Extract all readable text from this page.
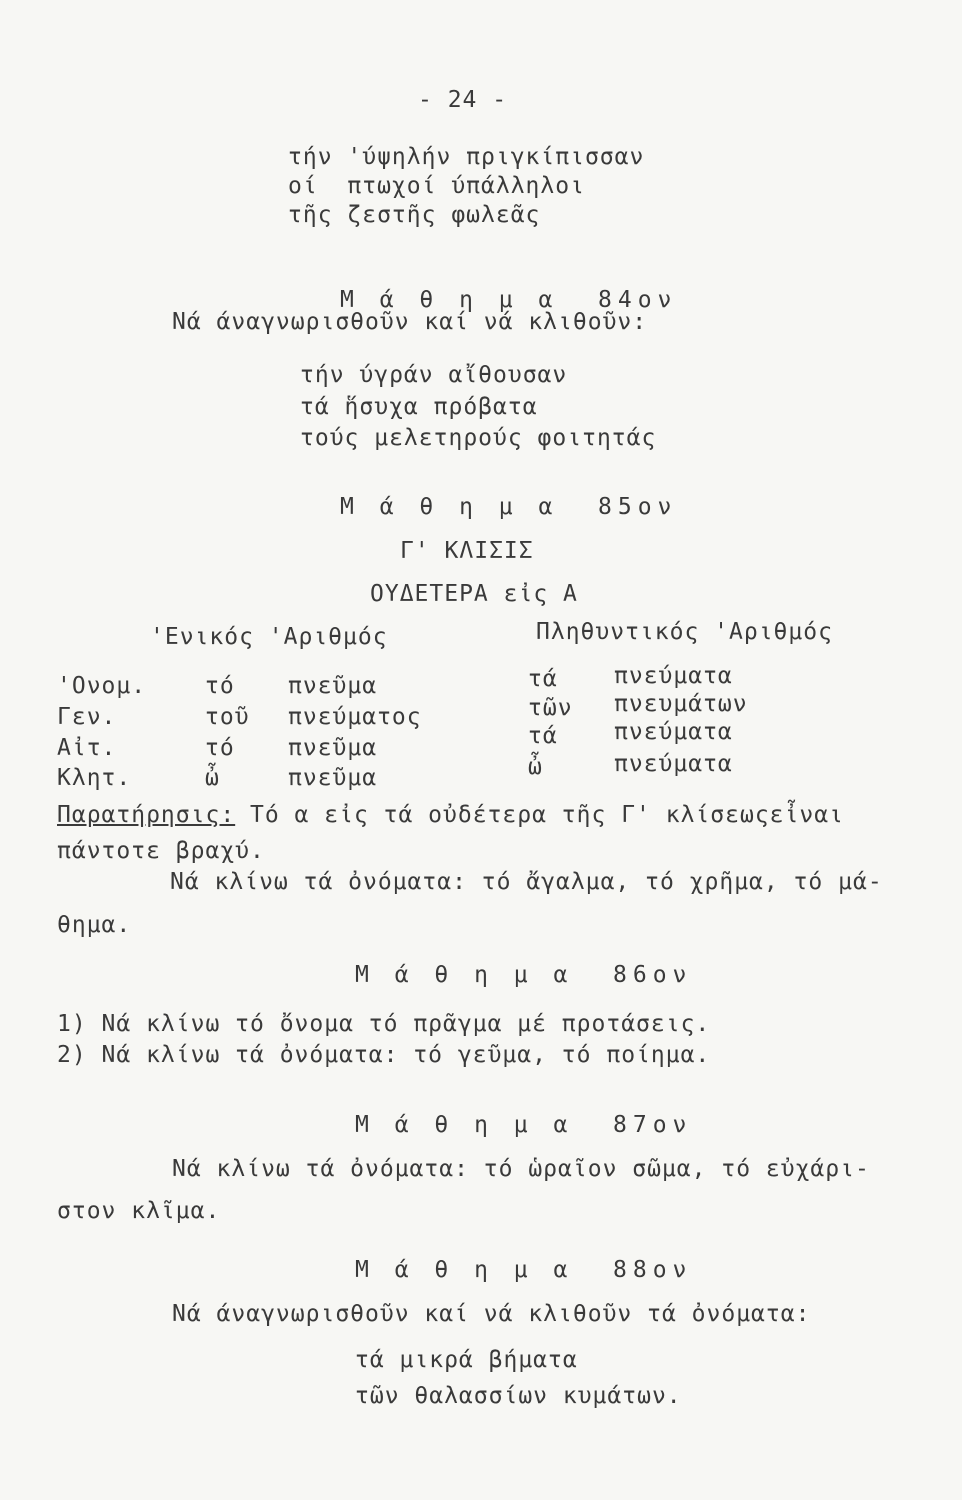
- 24 -
τήν 'ύψηλήν πριγκίπισσαν
οί  πτωχοί ύπάλληλοι
τῆς ζεστῆς φωλεᾶς
Μ ά θ η μ α  84ον
Νά άναγνωρισθοῦν καί νά κλιθοῦν:
τήν ύγράν αἴθουσαν
τά ἥσυχα πρόβατα
τούς μελετηρούς φοιτητάς
Μ ά θ η μ α  85ον
Γ' ΚΛΙΣΙΣ
ΟΥΔΕΤΕΡΑ εἰς Α
'Ενικός 'Αριθμός	Πληθυντικός 'Αριθμός
'Ονομ.	τό πνεῦμα	τά πνεύματα
Γεν.	τοῦ πνεύματος	τῶν πνευμάτων
Αἰτ.	τό πνεῦμα	τά πνεύματα
Κλητ.	ὦ	πνεῦμα	ὦ	πνεύματα
Παρατήρησις: Τό α εἰς τά οὐδέτερα τῆς Γ' κλίσεωςεἶναι
πάντοτε βραχύ.
Νά κλίνω τά ὀνόματα: τό ἄγαλμα, τό χρῆμα, τό μά-
θημα.
Μ ά θ η μ α  86ον
1) Νά κλίνω τό ὄνομα τό πρᾶγμα μέ προτάσεις.
2) Νά κλίνω τά ὀνόματα: τό γεῦμα, τό ποίημα.
Μ ά θ η μ α  87ον
Νά κλίνω τά ὀνόματα: τό ὡραῖον σῶμα, τό εὐχάρι-
στον κλῖμα.
Μ ά θ η μ α  88ον
Νά άναγνωρισθοῦν καί νά κλιθοῦν τά ὀνόματα:
τά μικρά βήματα
τῶν θαλασσίων κυμάτων.
